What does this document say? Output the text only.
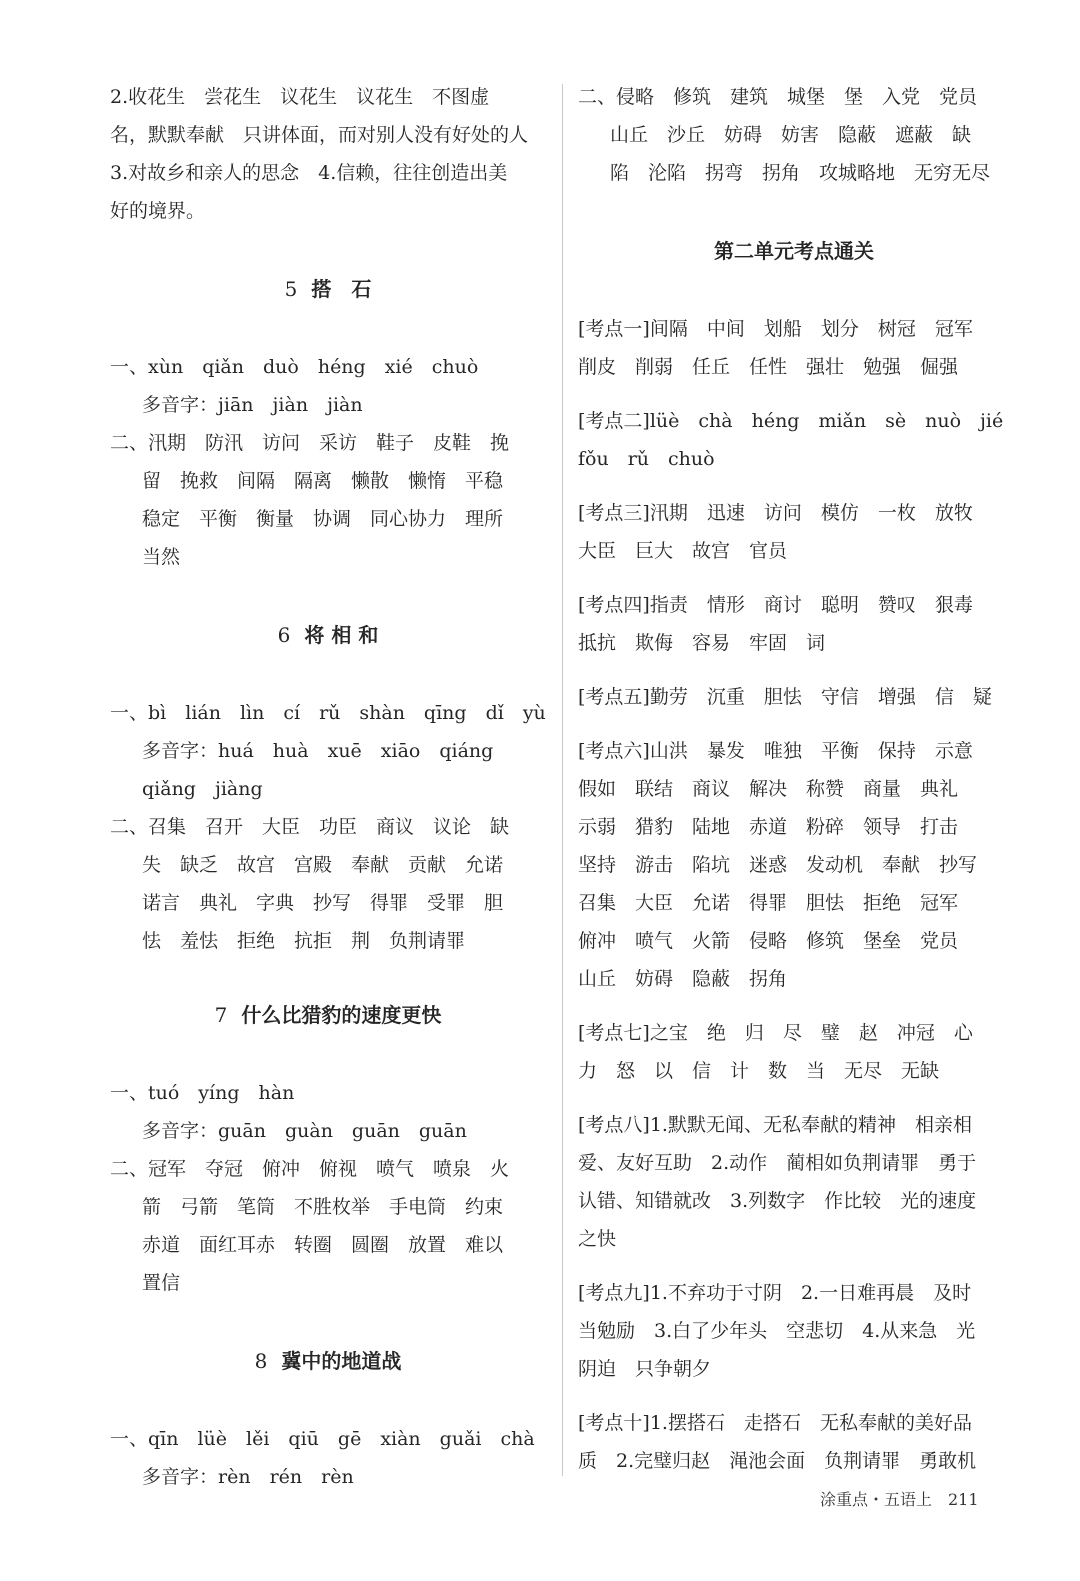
2.收花生　尝花生　议花生　议花生　不图虚
名，默默奉献　只讲体面，而对别人没有好处的人
3.对故乡和亲人的思念　4.信赖，往往创造出美
好的境界。
5 搭　石
一、xùn　qiǎn　duò　héng　xié　chuò
多音字：jiān　jiàn　jiàn
二、汛期　防汛　访问　采访　鞋子　皮鞋　挽
留　挽救　间隔　隔离　懒散　懒惰　平稳
稳定　平衡　衡量　协调　同心协力　理所
当然
6 将 相 和
一、bì　lián　lìn　cí　rǔ　shàn　qīng　dǐ　yù
多音字：huá　huà　xuē　xiāo　qiáng
qiǎng　jiàng
二、召集　召开　大臣　功臣　商议　议论　缺
失　缺乏　故宫　宫殿　奉献　贡献　允诺
诺言　典礼　字典　抄写　得罪　受罪　胆
怯　羞怯　拒绝　抗拒　荆　负荆请罪
7 什么比猎豹的速度更快
一、tuó　yíng　hàn
多音字：guān　guàn　guān　guān
二、冠军　夺冠　俯冲　俯视　喷气　喷泉　火
箭　弓箭　笔筒　不胜枚举　手电筒　约束
赤道　面红耳赤　转圈　圆圈　放置　难以
置信
8 冀中的地道战
一、qīn　lüè　lěi　qiū　gē　xiàn　guǎi　chà
多音字：rèn　rén　rèn
二、侵略　修筑　建筑　城堡　堡　入党　党员
山丘　沙丘　妨碍　妨害　隐蔽　遮蔽　缺
陷　沦陷　拐弯　拐角　攻城略地　无穷无尽
第二单元考点通关
[考点一]间隔　中间　划船　划分　树冠　冠军
削皮　削弱　任丘　任性　强壮　勉强　倔强
[考点二]lüè　chà　héng　miǎn　sè　nuò　jié
fǒu　rǔ　chuò
[考点三]汛期　迅速　访问　模仿　一枚　放牧
大臣　巨大　故宫　官员
[考点四]指责　情形　商讨　聪明　赞叹　狠毒
抵抗　欺侮　容易　牢固　词
[考点五]勤劳　沉重　胆怯　守信　增强　信　疑
[考点六]山洪　暴发　唯独　平衡　保持　示意
假如　联结　商议　解决　称赞　商量　典礼
示弱　猎豹　陆地　赤道　粉碎　领导　打击
坚持　游击　陷坑　迷惑　发动机　奉献　抄写
召集　大臣　允诺　得罪　胆怯　拒绝　冠军
俯冲　喷气　火箭　侵略　修筑　堡垒　党员
山丘　妨碍　隐蔽　拐角
[考点七]之宝　绝　归　尽　璧　赵　冲冠　心
力　怒　以　信　计　数　当　无尽　无缺
[考点八]1.默默无闻、无私奉献的精神　相亲相
爱、友好互助　2.动作　蔺相如负荆请罪　勇于
认错、知错就改　3.列数字　作比较　光的速度
之快
[考点九]1.不弃功于寸阴　2.一日难再晨　及时
当勉励　3.白了少年头　空悲切　4.从来急　光
阴迫　只争朝夕
[考点十]1.摆搭石　走搭石　无私奉献的美好品
质　2.完璧归赵　渑池会面　负荆请罪　勇敢机
涂重点・五语上　211
